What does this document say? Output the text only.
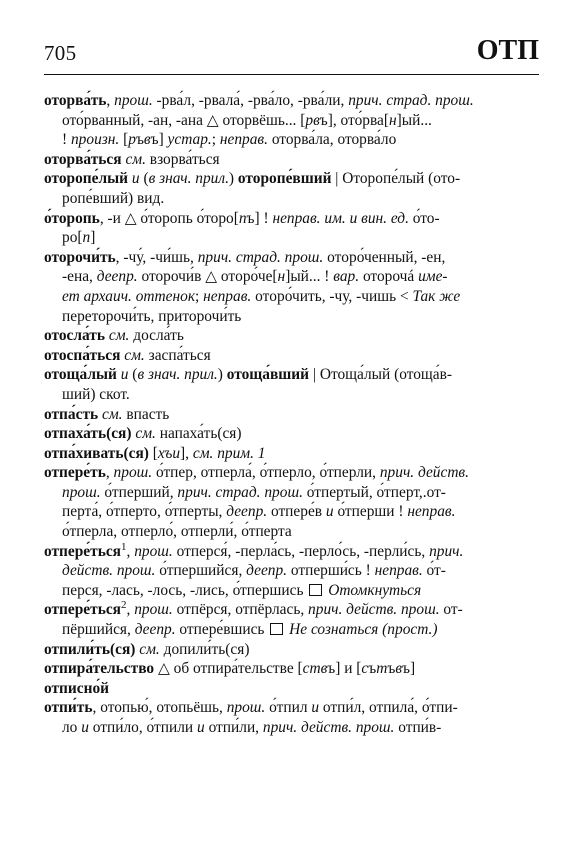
705	ОТП
оторва́ть, прош. -рва́л, -рвала́, -рва́ло, -рва́ли, прич. страд. прош.
ото́рванный, -ан, -ана △ оторвёшь... [рвъ], ото́рва[н]ый...
! произн. [ръвъ] устар.; неправ. оторва́ла, оторва́ло
оторва́ться см. взорва́ться
оторопе́лый и (в знач. прил.) оторопе́вший | Оторопе́лый (ото-
ропе́вший) вид.
о́торопь, -и △ о́торопь о́торо[пъ] ! неправ. им. и вин. ед. о́то-
ро[п]
оторочи́ть, -чу́, -чи́шь, прич. страд. прош. отoро́ченный, -ен,
-ена, деепр. оторочи́в △ отoро́че[н]ый... ! вар. оторочá име-
ет архаич. оттенок; неправ. отoро́чить, -чу, -чишь < Так же
переторочи́ть, приторочи́ть
отосла́ть см. досла́ть
отоспа́ться см. заспа́ться
отоща́лый и (в знач. прил.) отоща́вший | Отоща́лый (отоща́в-
ший) скот.
отпа́сть см. впасть
отпаха́ть(ся) см. напаха́ть(ся)
отпа́хивать(ся) [хъи], см. прим. 1
отпере́ть, прош. о́тпер, отперла́, о́тперло, о́тперли, прич. действ.
прош. о́тперший, прич. страд. прош. о́тпертый, о́тперт,.от-
перта́, о́тперто, о́тперты, деепр. отпере́в и о́тперши ! неправ.
о́тперла, отперло́, отперли́, о́тперта
отпере́ться$^1$, прош. отперся́, -перла́сь, -перло́сь, -перли́сь, прич.
действ. прош. о́тпершийся, деепр. отперши́сь ! неправ. о́т-
перся, -лась, -лось, -лись, о́тпершись  Отомкнуться
отпере́ться$^2$, прош. отпёрся, отпёрлась, прич. действ. прош. от-
пёршийся, деепр. отпере́вшись  Не сознаться (прост.)
отпили́ть(ся) см. допили́ть(ся)
отпира́тельство △ об отпира́тельстве [ствъ] и [сътъвъ]
отписно́й
отпи́ть, отопью́, отопьёшь, прош. о́тпил и отпи́л, отпила́, о́тпи-
ло и отпи́ло, о́тпили и отпи́ли, прич. действ. прош. отпи́в-
